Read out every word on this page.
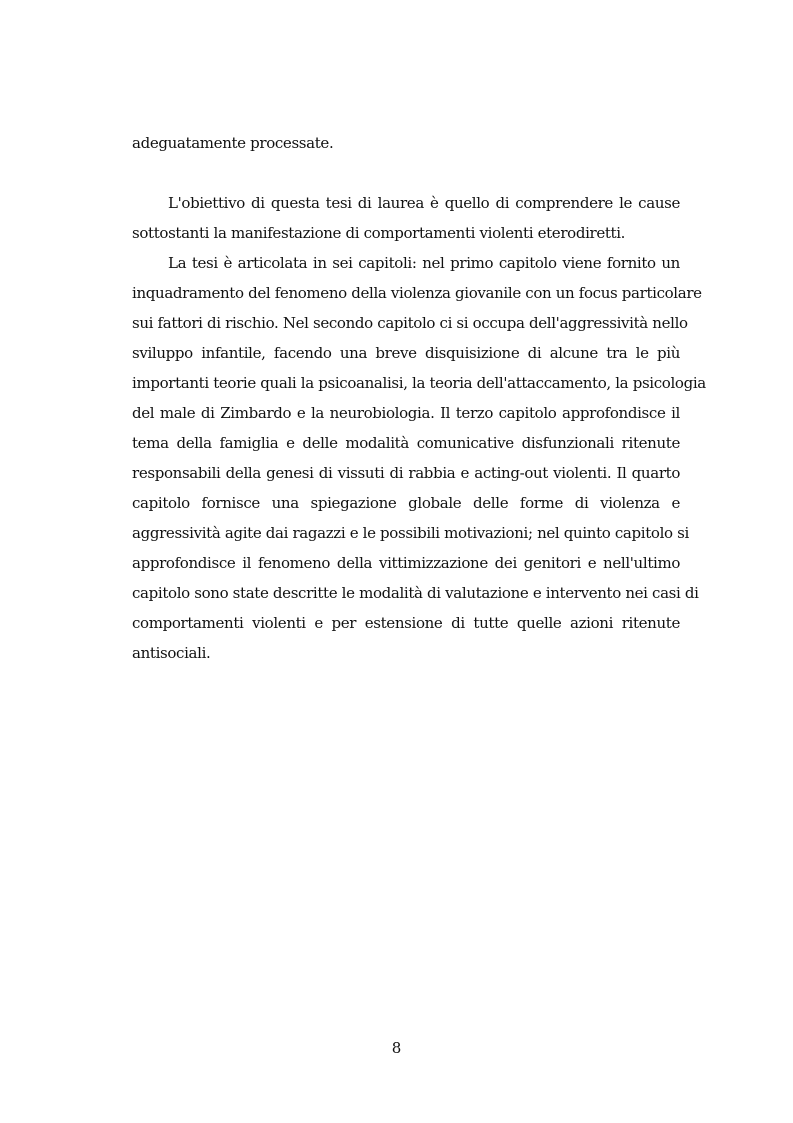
adeguatamente processate.
L'obiettivo di questa tesi di laurea è quello di comprendere le cause
sottostanti la manifestazione di comportamenti violenti eterodiretti.
La tesi è articolata in sei capitoli: nel primo capitolo viene fornito un
inquadramento del fenomeno della violenza giovanile con un focus particolare
sui fattori di rischio. Nel secondo capitolo ci si occupa dell'aggressività nello
sviluppo infantile, facendo una breve disquisizione di alcune tra le più
importanti teorie quali la psicoanalisi, la teoria dell'attaccamento, la psicologia
del male di Zimbardo e la neurobiologia. Il terzo capitolo approfondisce il
tema della famiglia e delle modalità comunicative disfunzionali ritenute
responsabili della genesi di vissuti di rabbia e acting-out violenti. Il quarto
capitolo fornisce una spiegazione globale delle forme di violenza e
aggressività agite dai ragazzi e le possibili motivazioni; nel quinto capitolo si
approfondisce il fenomeno della vittimizzazione dei genitori e nell'ultimo
capitolo sono state descritte le modalità di valutazione e intervento nei casi di
comportamenti violenti e per estensione di tutte quelle azioni ritenute
antisociali.
8
